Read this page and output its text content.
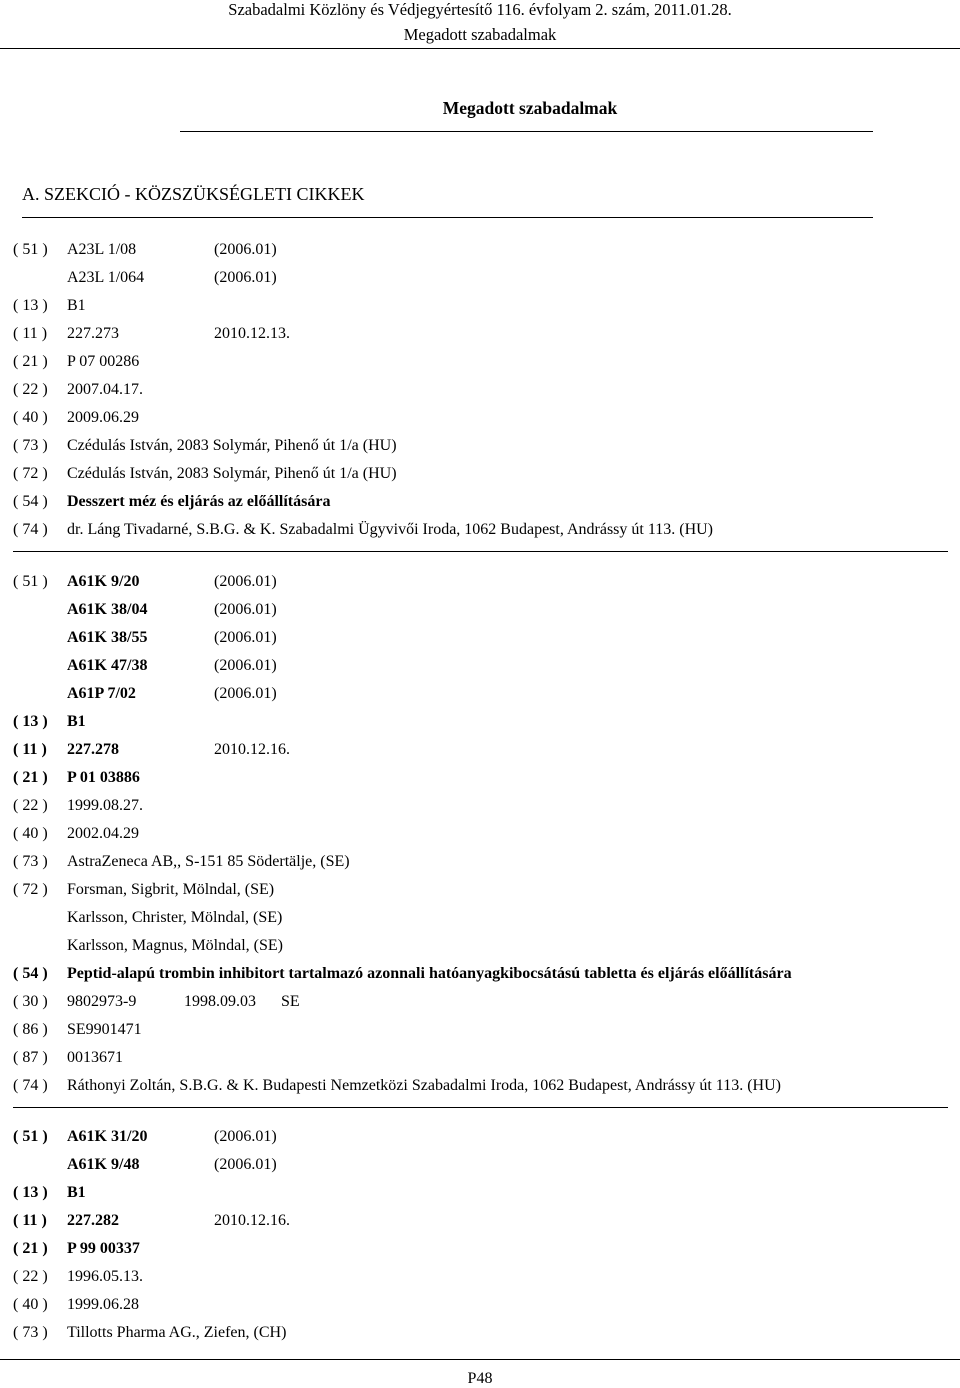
Szabadalmi Közlöny és Védjegyértesítő 116. évfolyam 2. szám, 2011.01.28.
Megadott szabadalmak
Megadott szabadalmak
A. SZEKCIÓ - KÖZSZÜKSÉGLETI CIKKEK
( 51 ) A23L 1/08	(2006.01)
A23L 1/064	(2006.01)
( 13 ) B1
( 11 ) 227.273	2010.12.13.
( 21 ) P 07 00286
( 22 ) 2007.04.17.
( 40 ) 2009.06.29
( 73 ) Czédulás István, 2083 Solymár, Pihenő út 1/a (HU)
( 72 ) Czédulás István, 2083 Solymár, Pihenő út 1/a (HU)
( 54 ) Desszert méz és eljárás az előállítására
( 74 ) dr. Láng Tivadarné, S.B.G. & K. Szabadalmi Ügyvivői Iroda, 1062 Budapest, Andrássy út 113. (HU)
( 51 ) A61K 9/20	(2006.01)
A61K 38/04	(2006.01)
A61K 38/55	(2006.01)
A61K 47/38	(2006.01)
A61P 7/02	(2006.01)
( 13 ) B1
( 11 ) 227.278	2010.12.16.
( 21 ) P 01 03886
( 22 ) 1999.08.27.
( 40 ) 2002.04.29
( 73 ) AstraZeneca AB,, S-151 85 Södertälje, (SE)
( 72 ) Forsman, Sigbrit, Mölndal, (SE)
Karlsson, Christer, Mölndal, (SE)
Karlsson, Magnus, Mölndal, (SE)
( 54 ) Peptid-alapú trombin inhibitort tartalmazó azonnali hatóanyagkibocsátású tabletta és eljárás előállítására
( 30 ) 9802973-9	1998.09.03 SE
( 86 ) SE9901471
( 87 ) 0013671
( 74 ) Ráthonyi Zoltán, S.B.G. & K. Budapesti Nemzetközi Szabadalmi Iroda, 1062 Budapest, Andrássy út 113. (HU)
( 51 ) A61K 31/20	(2006.01)
A61K 9/48	(2006.01)
( 13 ) B1
( 11 ) 227.282	2010.12.16.
( 21 ) P 99 00337
( 22 ) 1996.05.13.
( 40 ) 1999.06.28
( 73 ) Tillotts Pharma AG., Ziefen, (CH)
P48
